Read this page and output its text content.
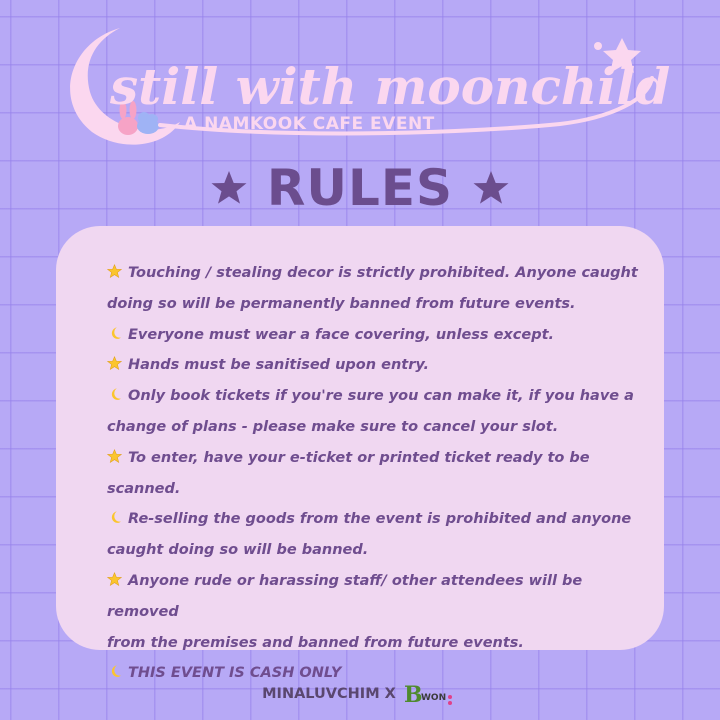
still with moonchild
A NAMKOOK CAFE EVENT
RULES
Touching / stealing decor is strictly prohibited. Anyone caught
doing so will be permanently banned from future events.
Everyone must wear a face covering, unless except.
Hands must be sanitised upon entry.
Only book tickets if you're sure you can make it, if you have a
change of plans - please make sure to cancel your slot.
To enter, have your e-ticket or printed ticket ready to be scanned.
Re-selling the goods from the event is prohibited and anyone
caught doing so will be banned.
Anyone rude or harassing staff/ other attendees will be removed
from the premises and banned from future events.
THIS EVENT IS CASH ONLY
MINALUVCHIM X B
WON
